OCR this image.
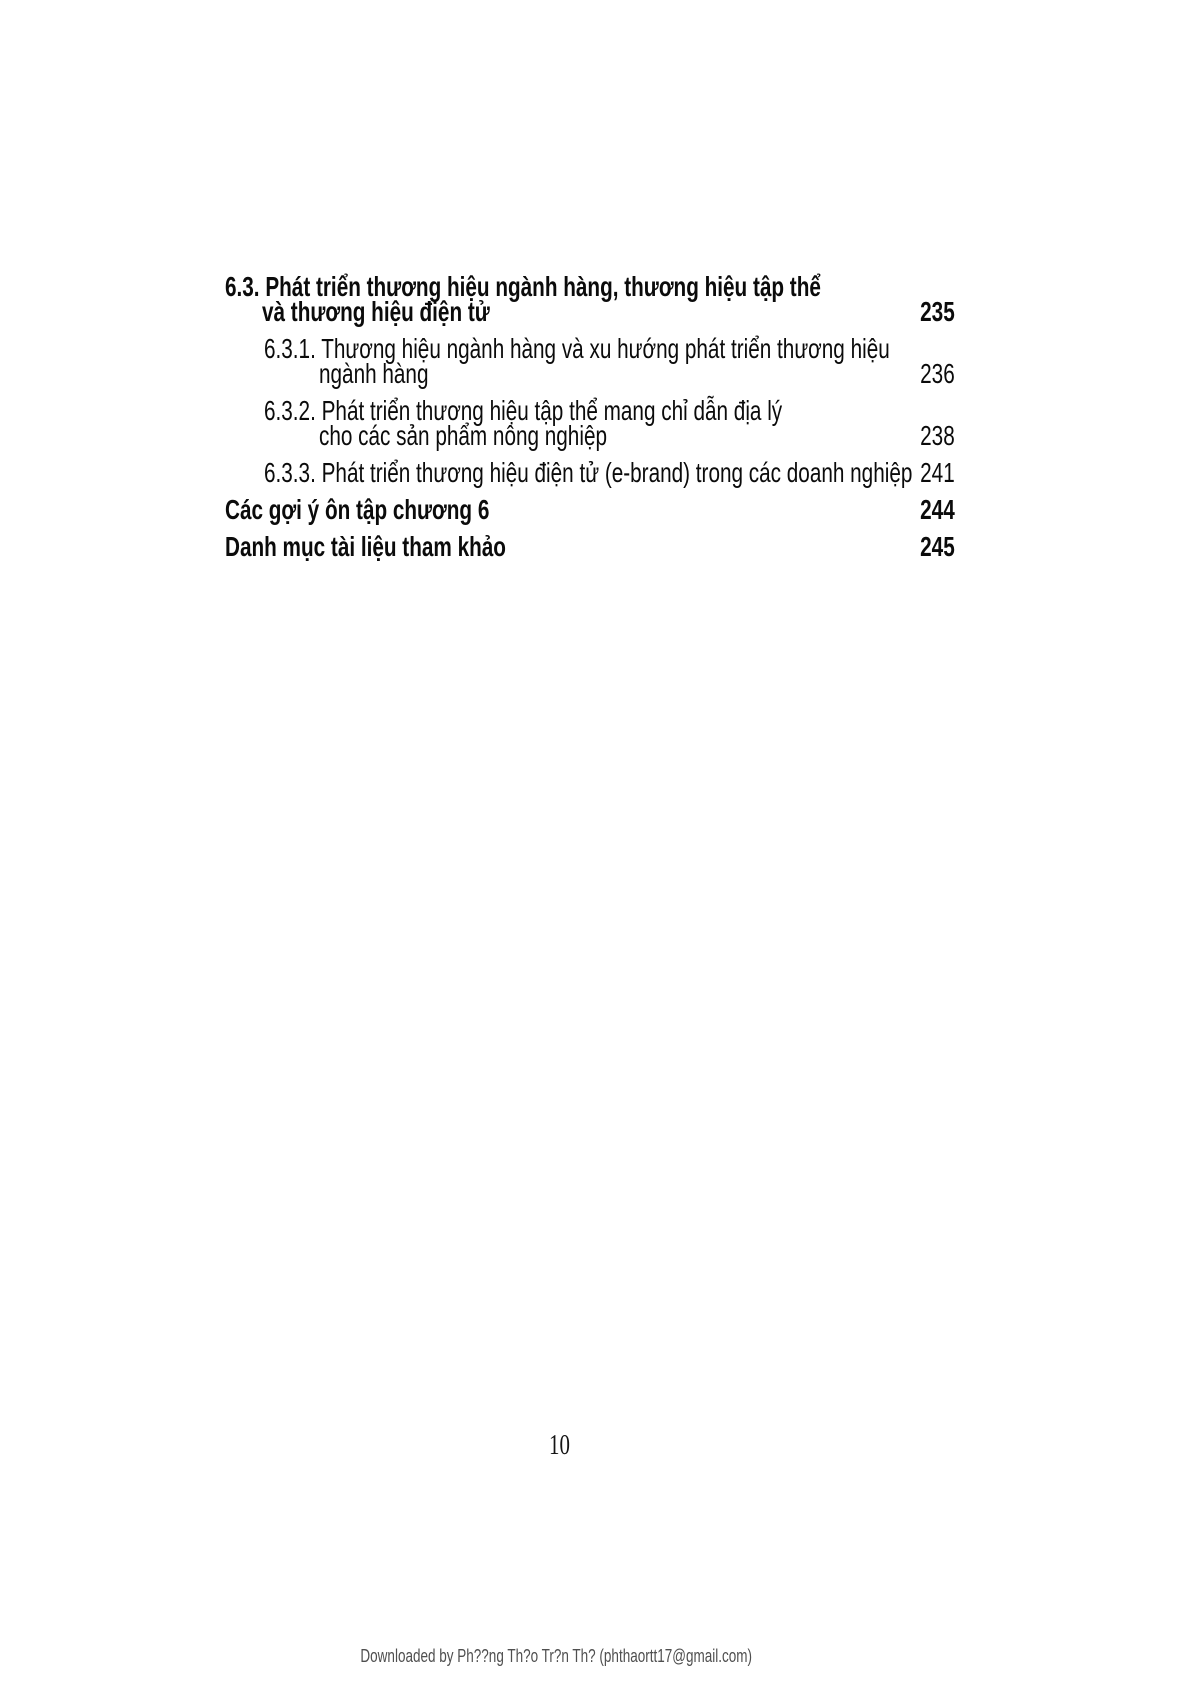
6.3. Phát triển thương hiệu ngành hàng, thương hiệu tập thể
và thương hiệu điện tử	235
6.3.1. Thương hiệu ngành hàng và xu hướng phát triển thương hiệu
ngành hàng	236
6.3.2. Phát triển thương hiệu tập thể mang chỉ dẫn địa lý
cho các sản phẩm nông nghiệp	238
6.3.3. Phát triển thương hiệu điện tử (e-brand) trong các doanh nghiệp 241
Các gợi ý ôn tập chương 6	244
Danh mục tài liệu tham khảo	245
10
Downloaded by Ph??ng Th?o Tr?n Th? (phthaortt17@gmail.com)
